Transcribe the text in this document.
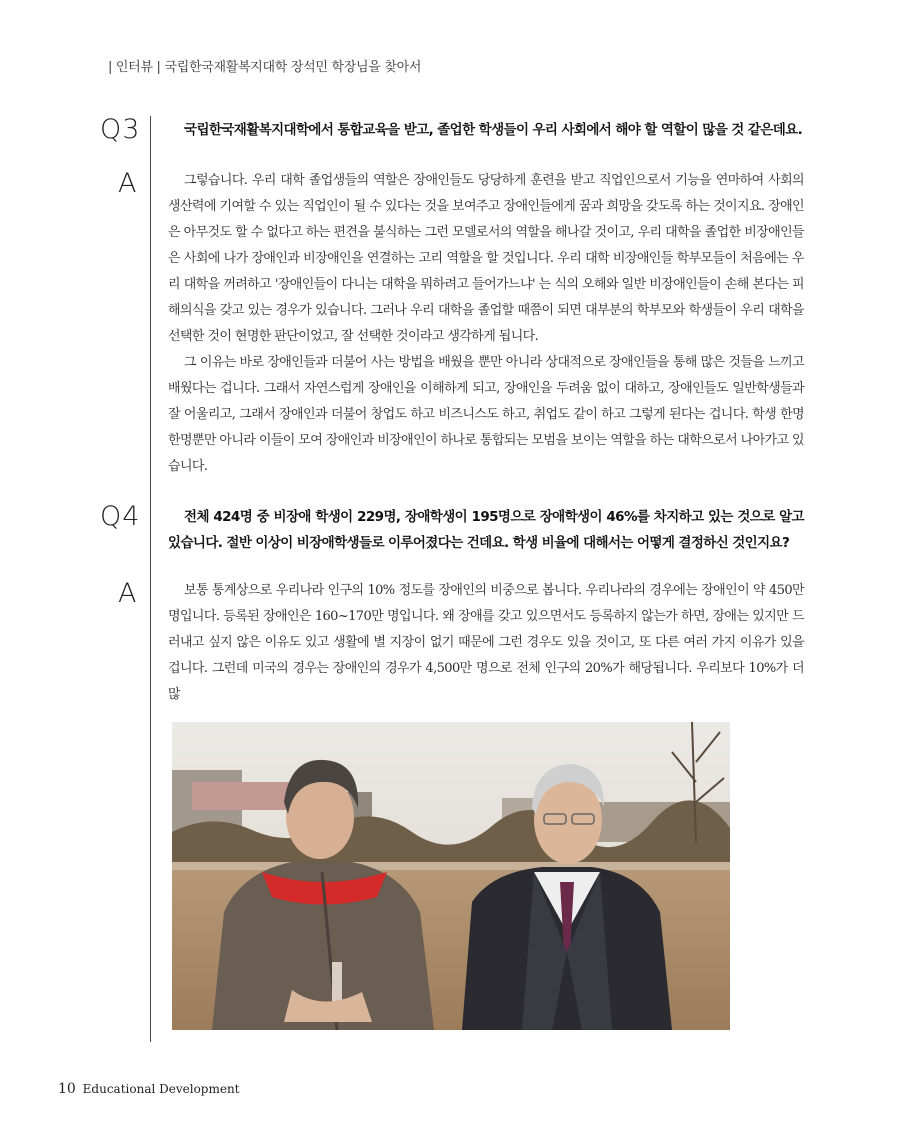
| 인터뷰 | 국립한국재활복지대학 장석민 학장님을 찾아서
Q3	국립한국재활복지대학에서 통합교육을 받고, 졸업한 학생들이 우리 사회에서 해야 할 역할이 많을 것 같은데요.

A	그렇습니다. 우리 대학 졸업생들의 역할은 장애인들도 당당하게 훈련을 받고 직업인으로서 기능을 연마하여 사회의 생산력에 기여할 수 있는 직업인이 될 수 있다는 것을 보여주고 장애인들에게 꿈과 희망을 갖도록 하는 것이지요. 장애인은 아무것도 할 수 없다고 하는 편견을 불식하는 그런 모델로서의 역할을 해나갈 것이고, 우리 대학을 졸업한 비장애인들은 사회에 나가 장애인과 비장애인을 연결하는 고리 역할을 할 것입니다. 우리 대학 비장애인들 학부모들이 처음에는 우리 대학을 꺼려하고 '장애인들이 다니는 대학을 뭐하려고 들어가느냐' 는 식의 오해와 일반 비장애인들이 손해 본다는 피해의식을 갖고 있는 경우가 있습니다. 그러나 우리 대학을 졸업할 때쯤이 되면 대부분의 학부모와 학생들이 우리 대학을 선택한 것이 현명한 판단이었고, 잘 선택한 것이라고 생각하게 됩니다.

그 이유는 바로 장애인들과 더불어 사는 방법을 배웠을 뿐만 아니라 상대적으로 장애인들을 통해 많은 것들을 느끼고 배웠다는 겁니다. 그래서 자연스럽게 장애인을 이해하게 되고, 장애인을 두려움 없이 대하고, 장애인들도 일반학생들과 잘 어울리고, 그래서 장애인과 더불어 창업도 하고 비즈니스도 하고, 취업도 같이 하고 그렇게 된다는 겁니다. 학생 한명 한명뿐만 아니라 이들이 모여 장애인과 비장애인이 하나로 통합되는 모범을 보이는 역할을 하는 대학으로서 나아가고 있습니다.

Q4	전체 424명 중 비장애 학생이 229명, 장애학생이 195명으로 장애학생이 46%를 차지하고 있는 것으로 알고 있습니다. 절반 이상이 비장애학생들로 이루어졌다는 건데요. 학생 비율에 대해서는 어떻게 결정하신 것인지요?

A	보통 통계상으로 우리나라 인구의 10% 정도를 장애인의 비중으로 봅니다. 우리나라의 경우에는 장애인이 약 450만 명입니다. 등록된 장애인은 160~170만 명입니다. 왜 장애를 갖고 있으면서도 등록하지 않는가 하면, 장애는 있지만 드러내고 싶지 않은 이유도 있고 생활에 별 지장이 없기 때문에 그런 경우도 있을 것이고, 또 다른 여러 가지 이유가 있을 겁니다. 그런데 미국의 경우는 장애인의 경우가 4,500만 명으로 전체 인구의 20%가 해당됩니다. 우리보다 10%가 더 많

10 Educational Development
